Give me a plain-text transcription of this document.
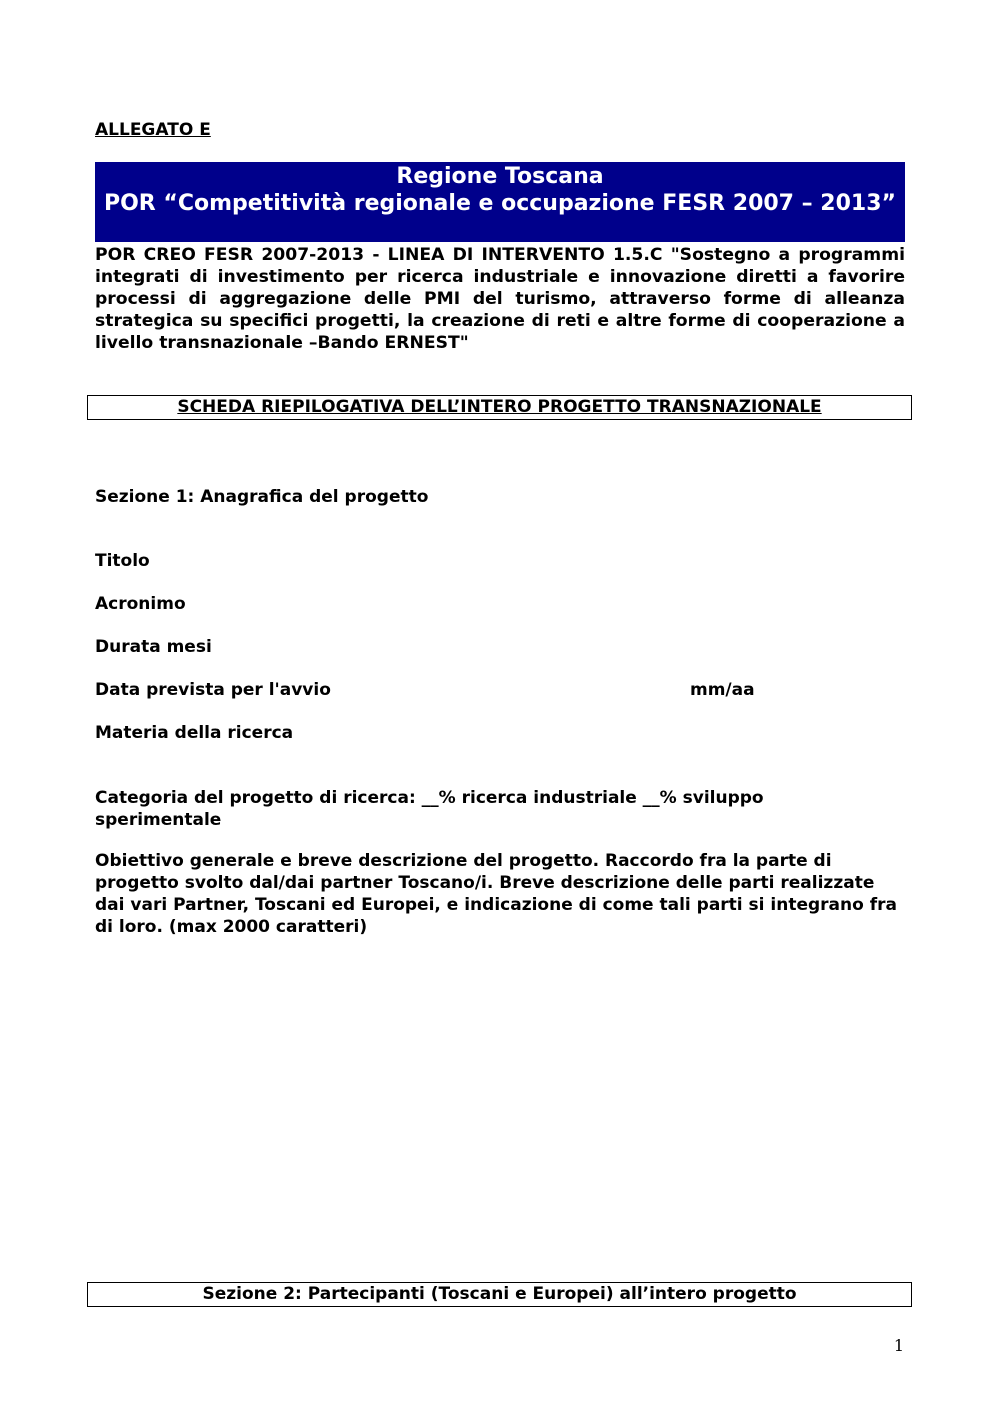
ALLEGATO E
Regione Toscana
POR “Competitività regionale e occupazione FESR 2007 – 2013”
POR CREO FESR 2007-2013 - LINEA DI INTERVENTO 1.5.C "Sostegno a programmi integrati di investimento per ricerca industriale e innovazione diretti a favorire processi di aggregazione delle PMI del turismo, attraverso forme di alleanza strategica su specifici progetti, la creazione di reti e altre forme di cooperazione a livello transnazionale –Bando ERNEST"
SCHEDA RIEPILOGATIVA DELL’INTERO PROGETTO TRANSNAZIONALE
Sezione 1: Anagrafica del progetto
Titolo
Acronimo
Durata mesi
Data prevista per l'avvio	mm/aa
Materia della ricerca
Categoria del progetto di ricerca: __% ricerca industriale __% sviluppo sperimentale
Obiettivo generale e breve descrizione del progetto. Raccordo fra la parte di progetto svolto dal/dai partner Toscano/i. Breve descrizione delle parti realizzate dai vari Partner, Toscani ed Europei, e indicazione di come tali parti si integrano fra di loro. (max 2000 caratteri)
Sezione 2: Partecipanti (Toscani e Europei) all’intero progetto
1
